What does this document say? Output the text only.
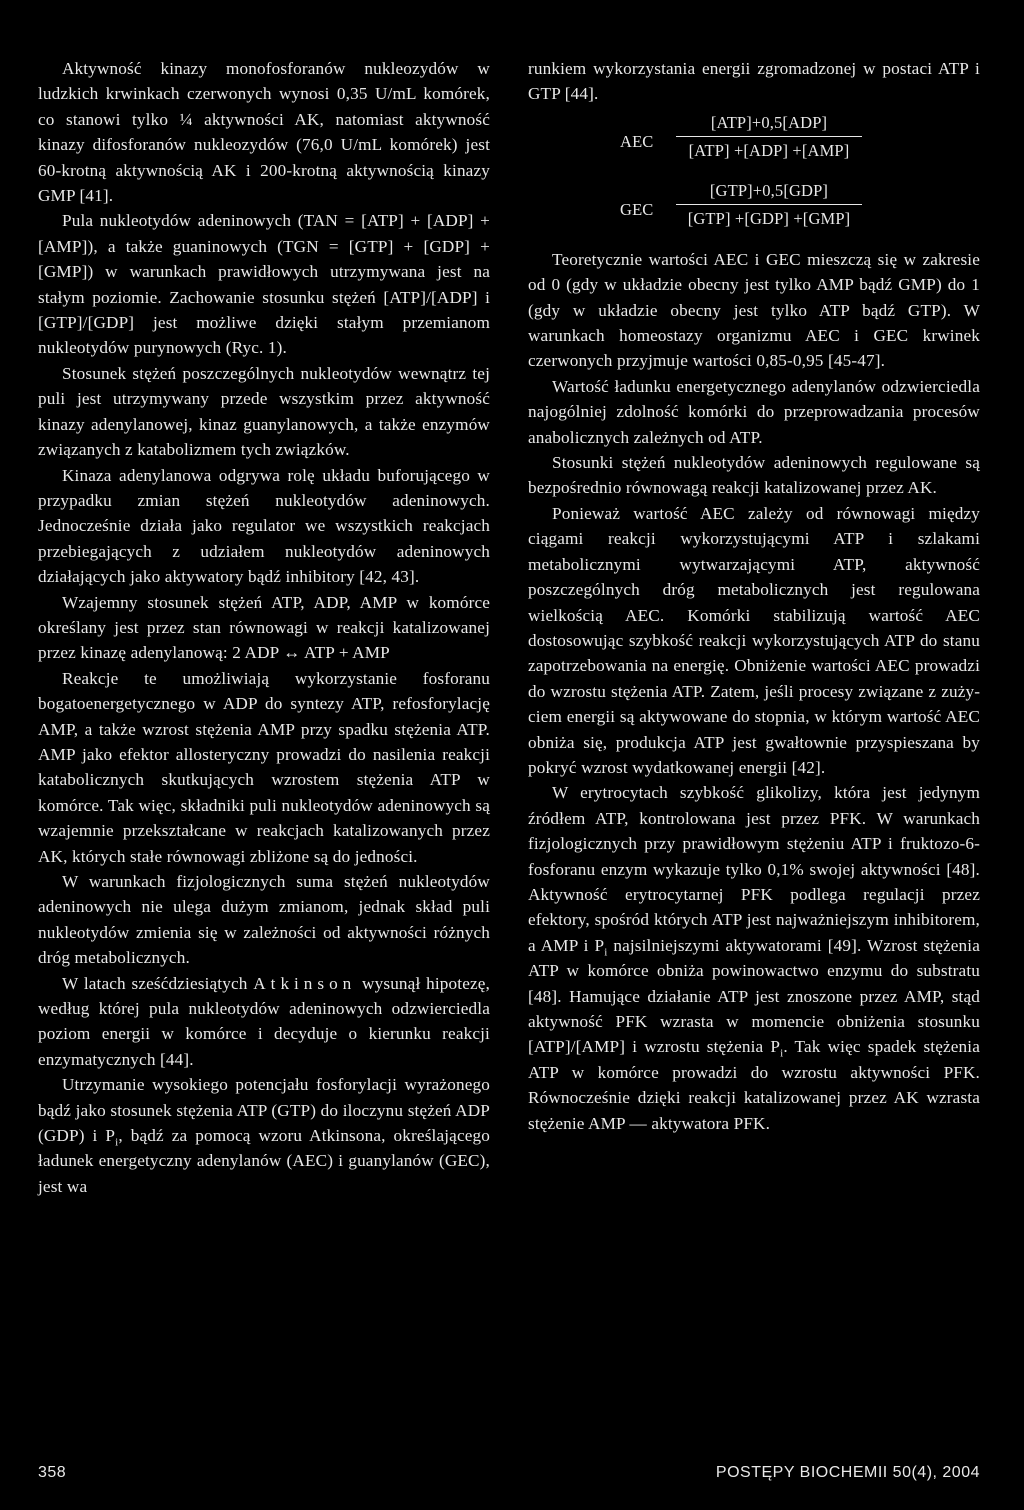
Aktywność kinazy monofosforanów nukleozydów w ludzkich krwinkach czerwonych wynosi 0,35 U/mL komórek, co stanowi tylko ¼ aktywności AK, natomiast aktywność kinazy difosforanów nukleozydów (76,0 U/mL komórek) jest 60-krotną aktywnością AK i 200-krotną aktywnością kinazy GMP [41].

Pula nukleotydów adeninowych (TAN = [ATP] + [ADP] + [AMP]), a także guaninowych (TGN = [GTP] + [GDP] + [GMP]) w warunkach prawidłowych utrzymywana jest na stałym poziomie. Zachowanie stosunku stężeń [ATP]/[ADP] i [GTP]/[GDP] jest możliwe dzięki stałym przemianom nukleotydów purynowych (Ryc. 1).

Stosunek stężeń poszczególnych nukleotydów wewnątrz tej puli jest utrzymywany przede wszystkim przez aktywność kinazy adenylanowej, kinaz guanylanowych, a także enzymów związanych z katabolizmem tych związków.

Kinaza adenylanowa odgrywa rolę układu buforującego w przypadku zmian stężeń nukleotydów adeninowych. Jednocześnie działa jako regulator we wszystkich reakcjach przebiegających z udziałem nukleotydów adeninowych działających jako aktywatory bądź inhibitory [42, 43].

Wzajemny stosunek stężeń ATP, ADP, AMP w komórce określany jest przez stan równowagi w reakcji katalizowanej przez kinazę adenylanową: 2 ADP ↔ ATP + AMP

Reakcje te umożliwiają wykorzystanie fosforanu bogatoenergetycznego w ADP do syntezy ATP, refosforylację AMP, a także wzrost stężenia AMP przy spadku stężenia ATP. AMP jako efektor allosteryczny prowadzi do nasilenia reakcji katabolicznych skutkujących wzrostem stężenia ATP w komórce. Tak więc, składniki puli nukleotydów adeninowych są wzajemnie przekształcane w reakcjach katalizowanych przez AK, których stałe równowagi zbliżone są do jedności.

W warunkach fizjologicznych suma stężeń nukleotydów adeninowych nie ulega dużym zmianom, jednak skład puli nukleotydów zmienia się w zależności od aktywności różnych dróg metabolicznych.

W latach sześćdziesiątych Atkinson wysunął hipotezę, według której pula nukleotydów adeninowych odzwierciedla poziom energii w komórce i decyduje o kierunku reakcji enzymatycznych [44].

Utrzymanie wysokiego potencjału fosforylacji wyrażonego bądź jako stosunek stężenia ATP (GTP) do iloczynu stężeń ADP (GDP) i $P_i$, bądź za pomocą wzoru Atkinsona, określającego ładunek energetyczny adenylanów (AEC) i guanylanów (GEC), jest wa

runkiem wykorzystania energii zgromadzonej w postaci ATP i GTP [44].

AEC
[ATP]+0,5[ADP]
[ATP] +[ADP] +[AMP]
GEC
[GTP]+0,5[GDP]
[GTP] +[GDP] +[GMP]

Teoretycznie wartości AEC i GEC mieszczą się w zakresie od 0 (gdy w układzie obecny jest tylko AMP bądź GMP) do 1 (gdy w układzie obecny jest tylko ATP bądź GTP). W warunkach homeostazy organizmu AEC i GEC krwinek czerwonych przyjmuje wartości 0,85-0,95 [45-47].

Wartość ładunku energetycznego adenylanów odzwierciedla najogólniej zdolność komórki do przeprowadzania procesów anabolicznych zależnych od ATP.

Stosunki stężeń nukleotydów adeninowych regulowane są bezpośrednio równowagą reakcji katalizowanej przez AK.

Ponieważ wartość AEC zależy od równowagi między ciągami reakcji wykorzystującymi ATP i szlakami metabolicznymi wytwarzającymi ATP, aktywność poszczególnych dróg metabolicznych jest regulowana wielkością AEC. Komórki stabilizują wartość AEC dostosowując szybkość reakcji wykorzystujących ATP do stanu zapotrzebowania na energię. Obniżenie wartości AEC prowadzi do wzrostu stężenia ATP. Zatem, jeśli procesy związane z zużyciem energii są aktywowane do stopnia, w którym wartość AEC obniża się, produkcja ATP jest gwałtownie przyspieszana by pokryć wzrost wydatkowanej energii [42].

W erytrocytach szybkość glikolizy, która jest jedynym źródłem ATP, kontrolowana jest przez PFK. W warunkach fizjologicznych przy prawidłowym stężeniu ATP i fruktozo-6-fosforanu enzym wykazuje tylko 0,1% swojej aktywności [48]. Aktywność erytrocytarnej PFK podlega regulacji przez efektory, spośród których ATP jest najważniejszym inhibitorem, a AMP i $P_i$ najsilniejszymi aktywatorami [49]. Wzrost stężenia ATP w komórce obniża powinowactwo enzymu do substratu [48]. Hamujące działanie ATP jest znoszone przez AMP, stąd aktywność PFK wzrasta w momencie obniżenia stosunku [ATP]/[AMP] i wzrostu stężenia $P_i$. Tak więc spadek stężenia ATP w komórce prowadzi do wzrostu aktywności PFK. Równocześnie dzięki reakcji katalizowanej przez AK wzrasta stężenie AMP — aktywatora PFK.

358	POSTĘPY BIOCHEMII 50(4), 2004
